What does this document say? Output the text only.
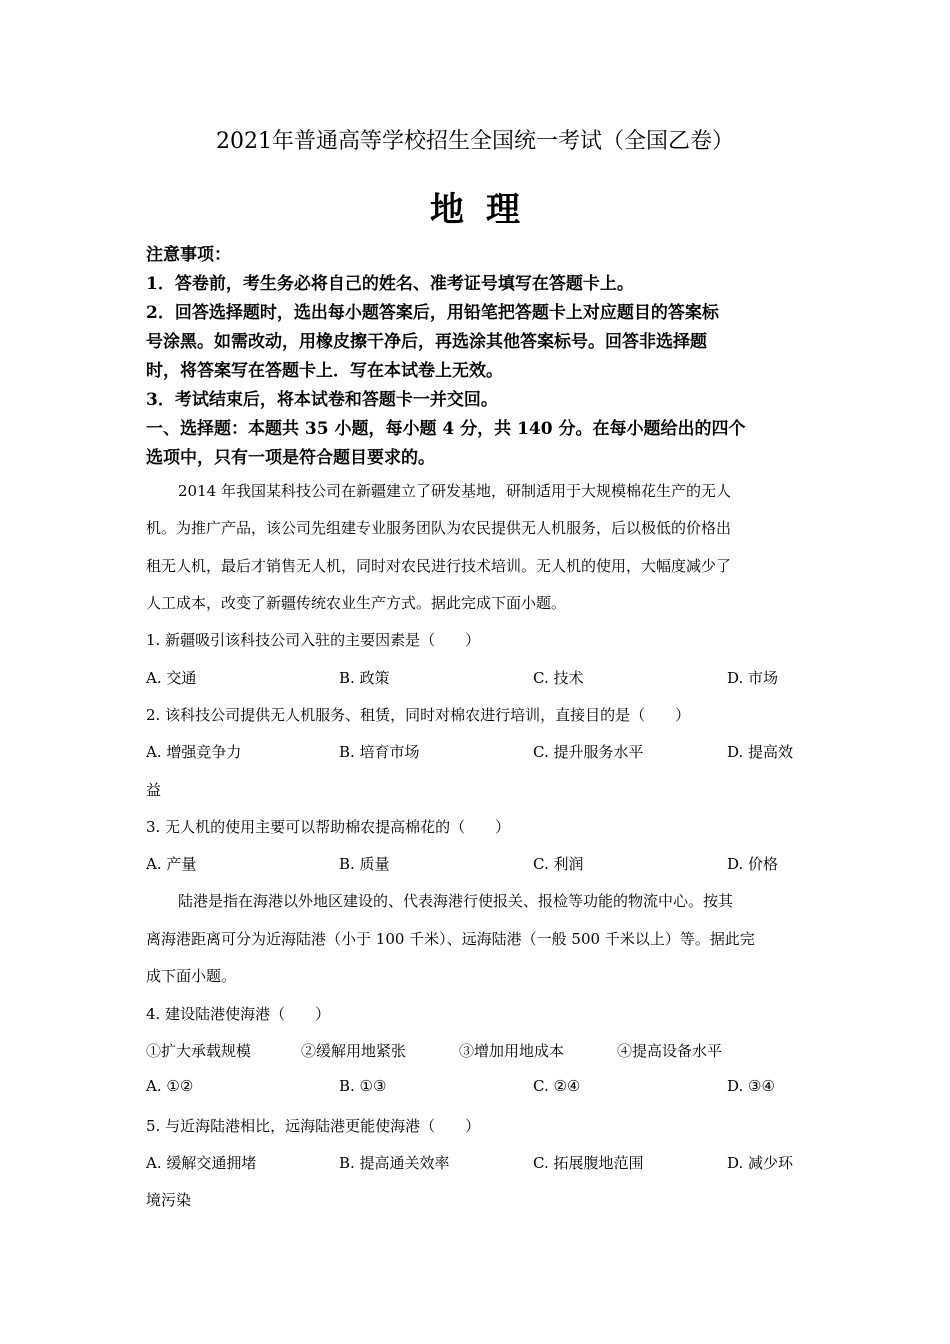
2021年普通高等学校招生全国统一考试（全国乙卷）
地理
注意事项：
1．答卷前，考生务必将自己的姓名、准考证号填写在答题卡上。
2．回答选择题时，选出每小题答案后，用铅笔把答题卡上对应题目的答案标
号涂黑。如需改动，用橡皮擦干净后，再选涂其他答案标号。回答非选择题
时，将答案写在答题卡上．写在本试卷上无效。
3．考试结束后，将本试卷和答题卡一并交回。
一、选择题：本题共 35 小题，每小题 4 分，共 140 分。在每小题给出的四个
选项中，只有一项是符合题目要求的。
2014 年我国某科技公司在新疆建立了研发基地，研制适用于大规模棉花生产的无人
机。为推广产品，该公司先组建专业服务团队为农民提供无人机服务，后以极低的价格出
租无人机，最后才销售无人机，同时对农民进行技术培训。无人机的使用，大幅度减少了
人工成本，改变了新疆传统农业生产方式。据此完成下面小题。
1. 新疆吸引该科技公司入驻的主要因素是（　　）
A. 交通	B. 政策	C. 技术	D. 市场
2. 该科技公司提供无人机服务、租赁，同时对棉农进行培训，直接目的是（　　）
A. 增强竞争力	B. 培育市场	C. 提升服务水平	D. 提高效
益
3. 无人机的使用主要可以帮助棉农提高棉花的（　　）
A. 产量	B. 质量	C. 利润	D. 价格
陆港是指在海港以外地区建设的、代表海港行使报关、报检等功能的物流中心。按其
离海港距离可分为近海陆港（小于 100 千米）、远海陆港（一般 500 千米以上）等。据此完
成下面小题。
4. 建设陆港使海港（　　）
①扩大承载规模	②缓解用地紧张	③增加用地成本	④提高设备水平
A. ①②	B. ①③	C. ②④	D. ③④
5. 与近海陆港相比，远海陆港更能使海港（　　）
A. 缓解交通拥堵	B. 提高通关效率	C. 拓展腹地范围	D. 减少环
境污染
